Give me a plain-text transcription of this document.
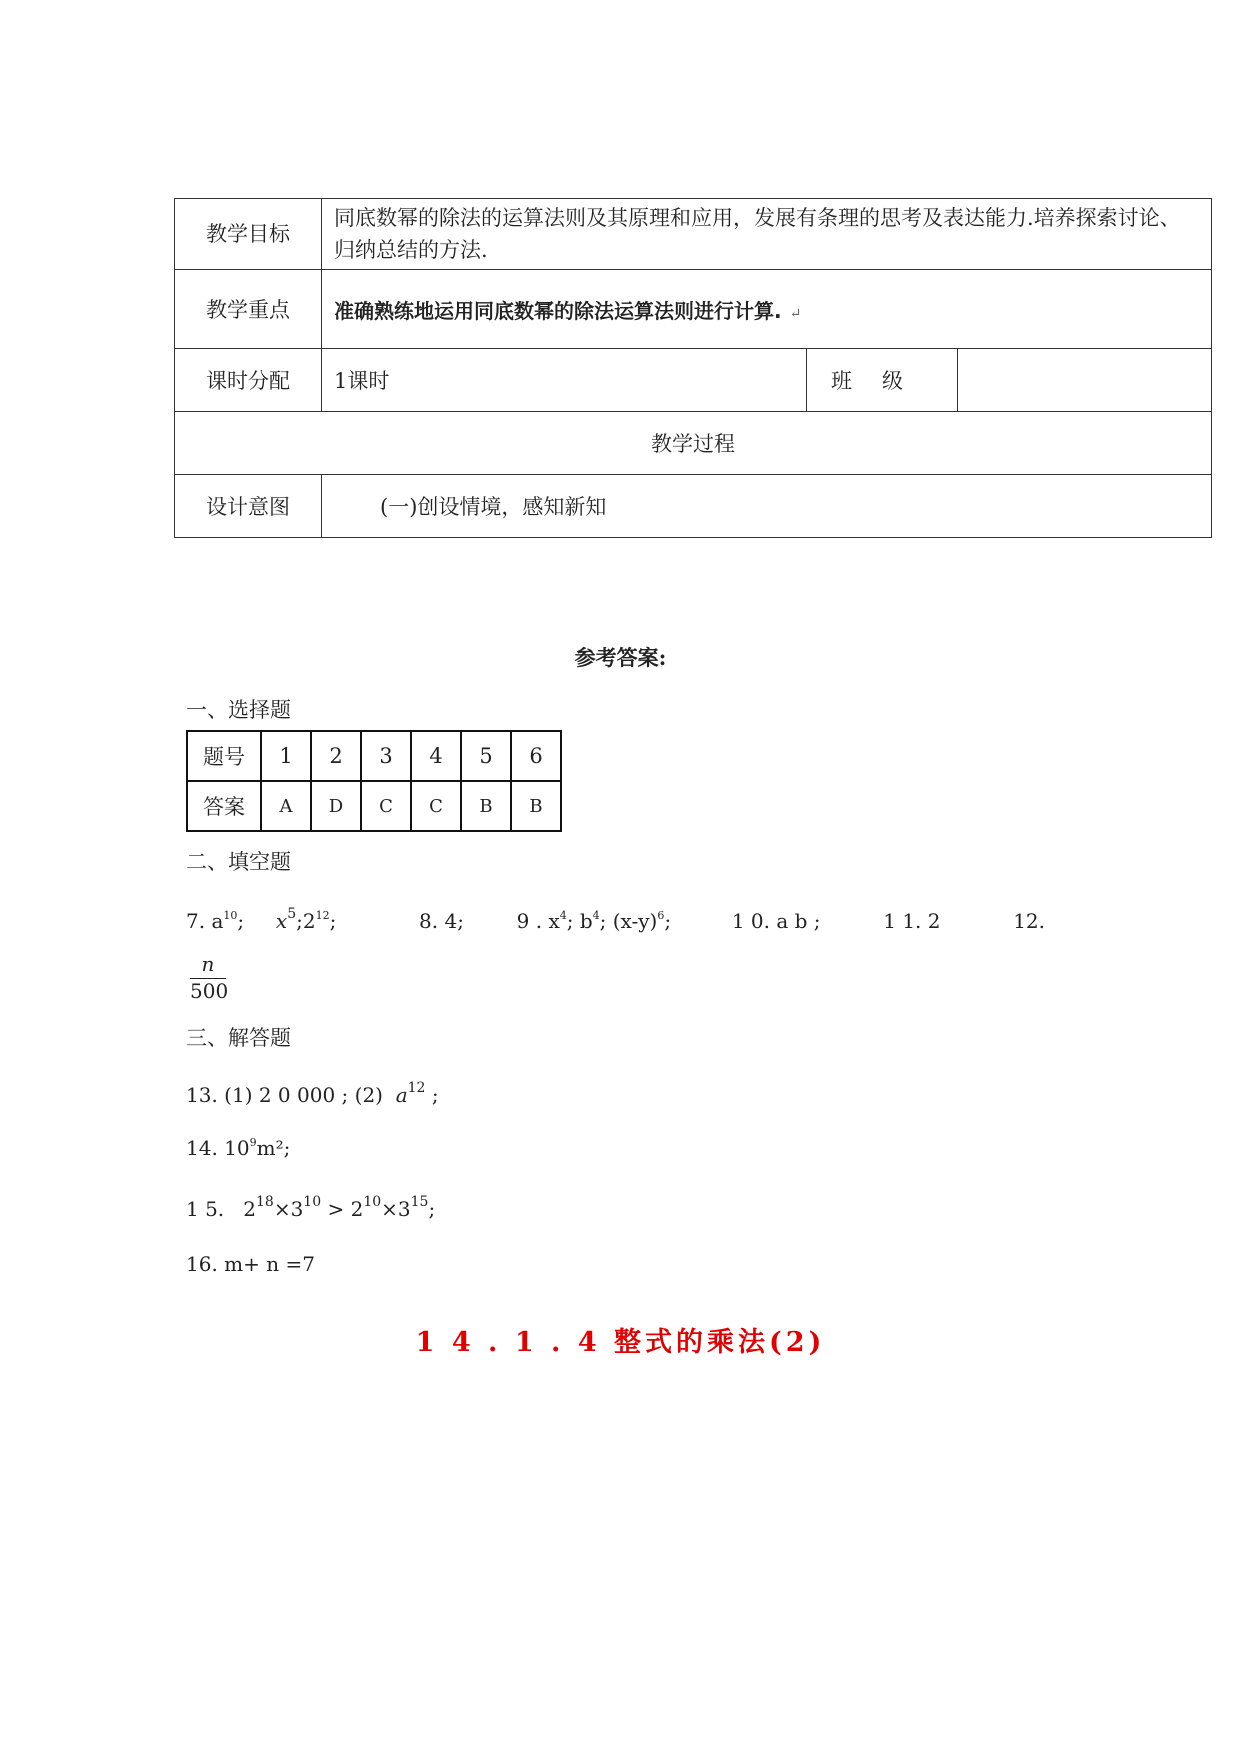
教学目标	同底数幂的除法的运算法则及其原理和应用，发展有条理的思考及表达能力.培养探索讨论、归纳总结的方法.		
教学重点	准确熟练地运用同底数幂的除法运算法则进行计算. ↵		
课时分配	1课时	班级	
教学过程			
设计意图	(一)创设情境，感知新知		
参考答案:
一、选择题
题号	1	2	3	4	5	6
答案	A	D	C	C	B	B
二、填空题
7. $a^{10}$;     $x^5;2^{12}$;	8. 4;	9 . $x^4$; $b^4$; $(x-y)^6$;	1 0. a b ;	1 1. 2	12.
$\frac{n}{500}$
三、解答题
13. (1) 2 0 000 ; (2) $a^{12}$ ;
14. $10^9m^2$;
1 5. $2^{18}\times 3^{10} > 2^{10}\times 3^{15}$;
16. m+ n =7
1 4 . 1 . 4 整式的乘法(2)
